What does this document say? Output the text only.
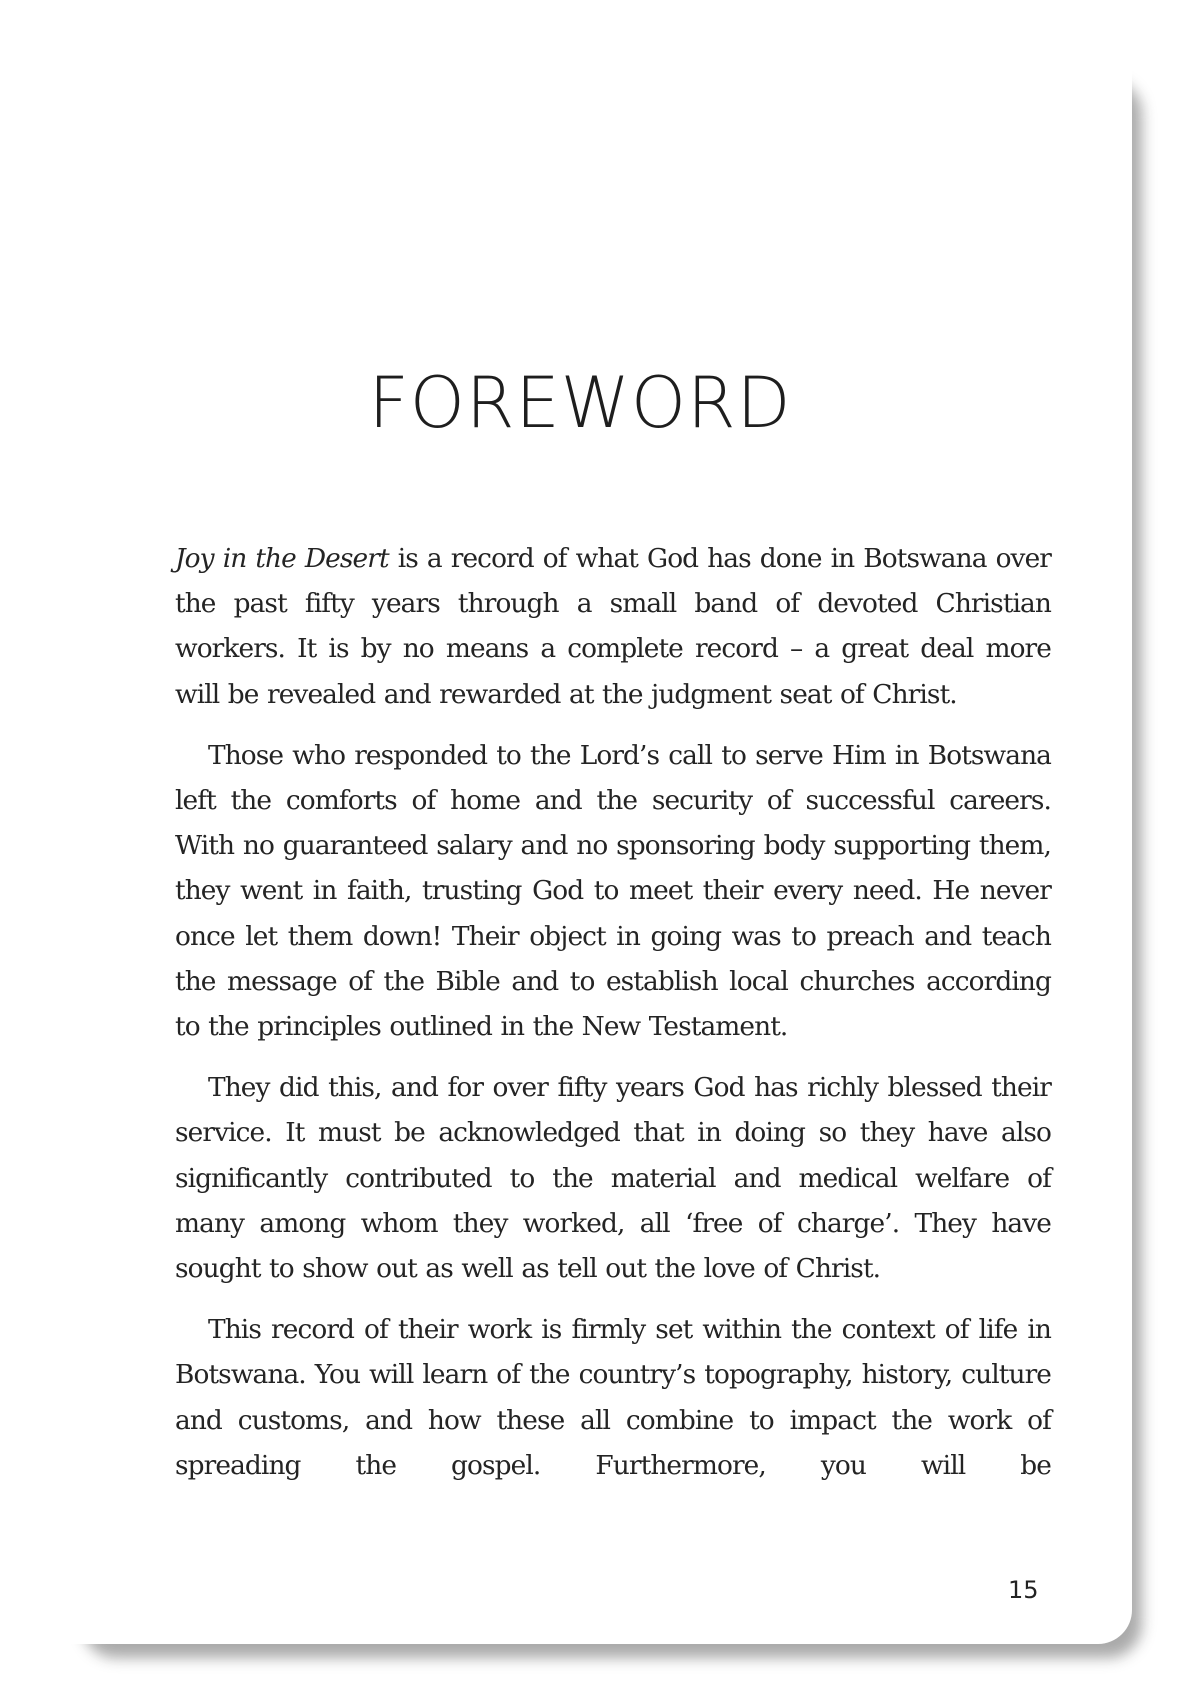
FOREWORD

Joy in the Desert is a record of what God has done in Botswana over the past fifty years through a small band of devoted Christian workers. It is by no means a complete record – a great deal more will be revealed and rewarded at the judgment seat of Christ.

Those who responded to the Lord’s call to serve Him in Botswana left the comforts of home and the security of successful careers. With no guaranteed salary and no sponsoring body supporting them, they went in faith, trusting God to meet their every need. He never once let them down! Their object in going was to preach and teach the message of the Bible and to establish local churches according to the principles outlined in the New Testament.

They did this, and for over fifty years God has richly blessed their service. It must be acknowledged that in doing so they have also significantly contributed to the material and medical welfare of many among whom they worked, all ‘free of charge’. They have sought to show out as well as tell out the love of Christ.

This record of their work is firmly set within the context of life in Botswana. You will learn of the country’s topography, history, culture and customs, and how these all combine to impact the work of spreading the gospel. Furthermore, you will be

15
